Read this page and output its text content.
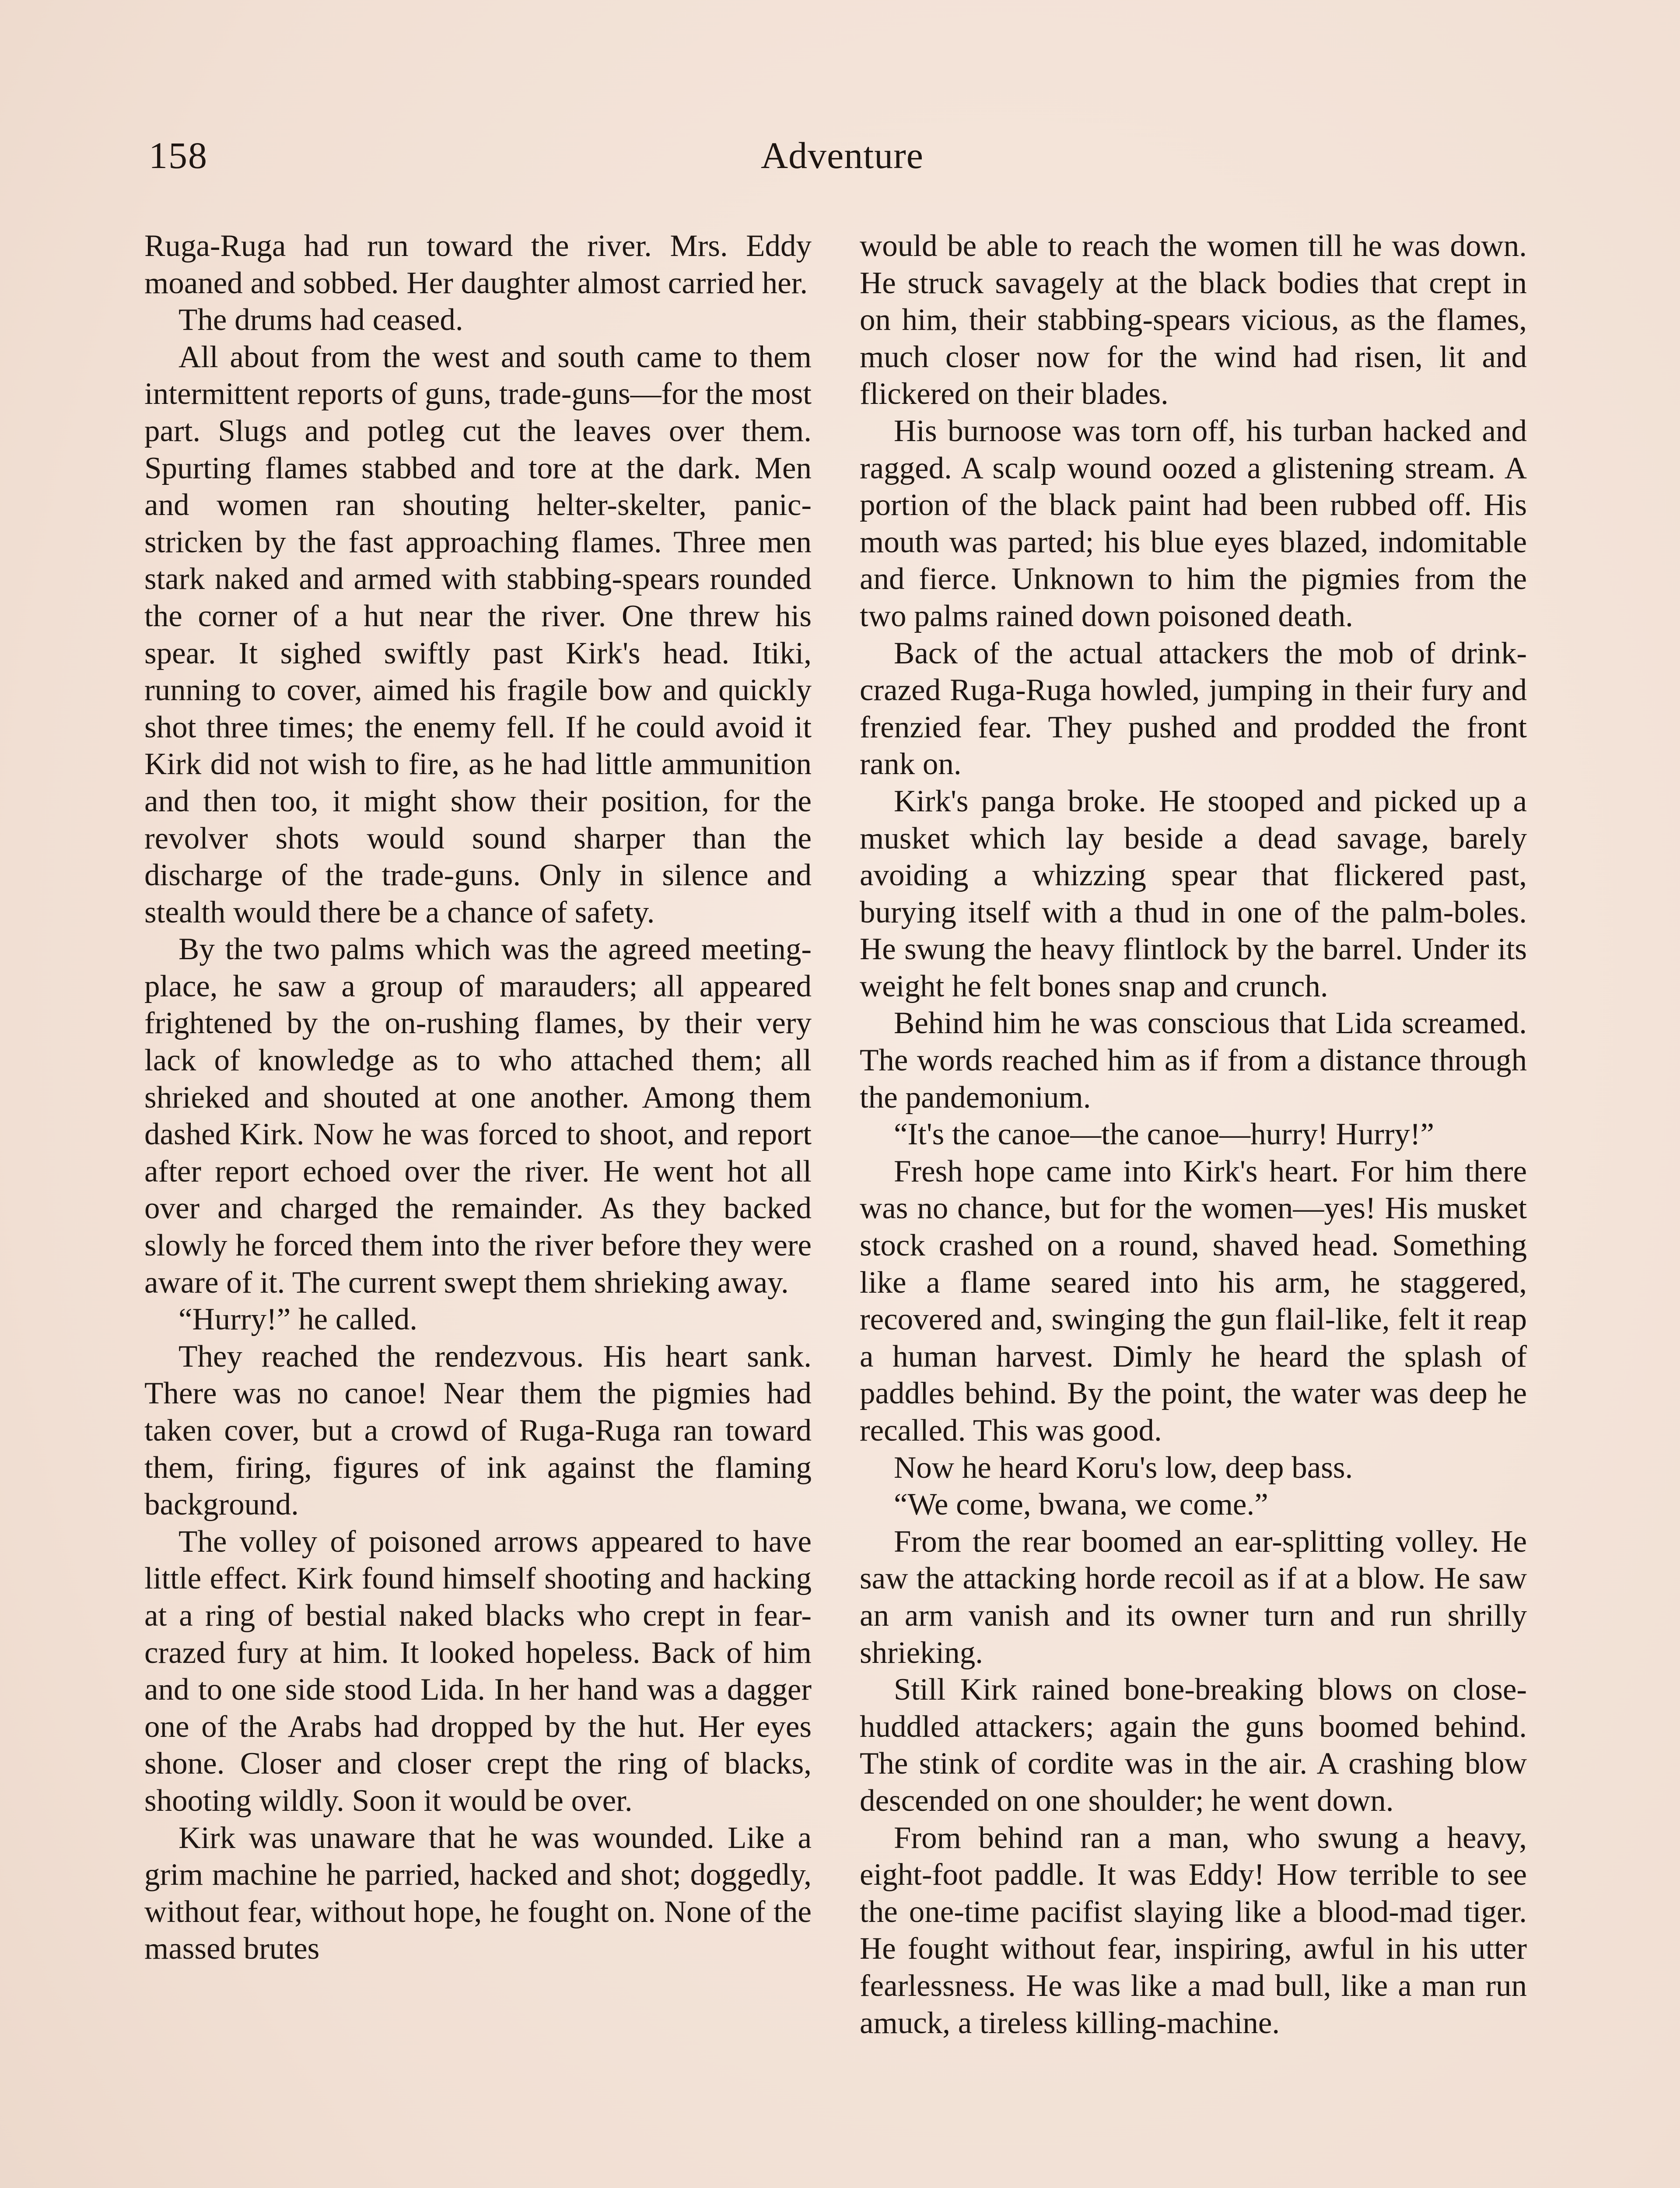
158	Adventure

Ruga-Ruga had run toward the river. Mrs. Eddy moaned and sobbed. Her daughter almost carried her.

The drums had ceased.

All about from the west and south came to them intermittent reports of guns, trade-guns—for the most part. Slugs and potleg cut the leaves over them. Spurting flames stabbed and tore at the dark. Men and women ran shouting helter-skelter, panic-stricken by the fast approaching flames. Three men stark naked and armed with stabbing-spears rounded the corner of a hut near the river. One threw his spear. It sighed swiftly past Kirk's head. Itiki, running to cover, aimed his fragile bow and quickly shot three times; the enemy fell. If he could avoid it Kirk did not wish to fire, as he had little ammunition and then too, it might show their position, for the revolver shots would sound sharper than the discharge of the trade-guns. Only in silence and stealth would there be a chance of safety.

By the two palms which was the agreed meeting-place, he saw a group of marauders; all appeared frightened by the on-rushing flames, by their very lack of knowledge as to who attached them; all shrieked and shouted at one another. Among them dashed Kirk. Now he was forced to shoot, and report after report echoed over the river. He went hot all over and charged the remainder. As they backed slowly he forced them into the river before they were aware of it. The current swept them shrieking away.

“Hurry!” he called.

They reached the rendezvous. His heart sank. There was no canoe! Near them the pigmies had taken cover, but a crowd of Ruga-Ruga ran toward them, firing, figures of ink against the flaming background.

The volley of poisoned arrows appeared to have little effect. Kirk found himself shooting and hacking at a ring of bestial naked blacks who crept in fear-crazed fury at him. It looked hopeless. Back of him and to one side stood Lida. In her hand was a dagger one of the Arabs had dropped by the hut. Her eyes shone. Closer and closer crept the ring of blacks, shooting wildly. Soon it would be over.

Kirk was unaware that he was wounded. Like a grim machine he parried, hacked and shot; doggedly, without fear, without hope, he fought on. None of the massed brutes

would be able to reach the women till he was down. He struck savagely at the black bodies that crept in on him, their stabbing-spears vicious, as the flames, much closer now for the wind had risen, lit and flickered on their blades.

His burnoose was torn off, his turban hacked and ragged. A scalp wound oozed a glistening stream. A portion of the black paint had been rubbed off. His mouth was parted; his blue eyes blazed, indomitable and fierce. Unknown to him the pigmies from the two palms rained down poisoned death.

Back of the actual attackers the mob of drink-crazed Ruga-Ruga howled, jumping in their fury and frenzied fear. They pushed and prodded the front rank on.

Kirk's panga broke. He stooped and picked up a musket which lay beside a dead savage, barely avoiding a whizzing spear that flickered past, burying itself with a thud in one of the palm-boles. He swung the heavy flintlock by the barrel. Under its weight he felt bones snap and crunch.

Behind him he was conscious that Lida screamed. The words reached him as if from a distance through the pandemonium.

“It's the canoe—the canoe—hurry! Hurry!”

Fresh hope came into Kirk's heart. For him there was no chance, but for the women—yes! His musket stock crashed on a round, shaved head. Something like a flame seared into his arm, he staggered, recovered and, swinging the gun flail-like, felt it reap a human harvest. Dimly he heard the splash of paddles behind. By the point, the water was deep he recalled. This was good.

Now he heard Koru's low, deep bass.

“We come, bwana, we come.”

From the rear boomed an ear-splitting volley. He saw the attacking horde recoil as if at a blow. He saw an arm vanish and its owner turn and run shrilly shrieking.

Still Kirk rained bone-breaking blows on close-huddled attackers; again the guns boomed behind. The stink of cordite was in the air. A crashing blow descended on one shoulder; he went down.

From behind ran a man, who swung a heavy, eight-foot paddle. It was Eddy! How terrible to see the one-time pacifist slaying like a blood-mad tiger. He fought without fear, inspiring, awful in his utter fearlessness. He was like a mad bull, like a man run amuck, a tireless killing-machine.
